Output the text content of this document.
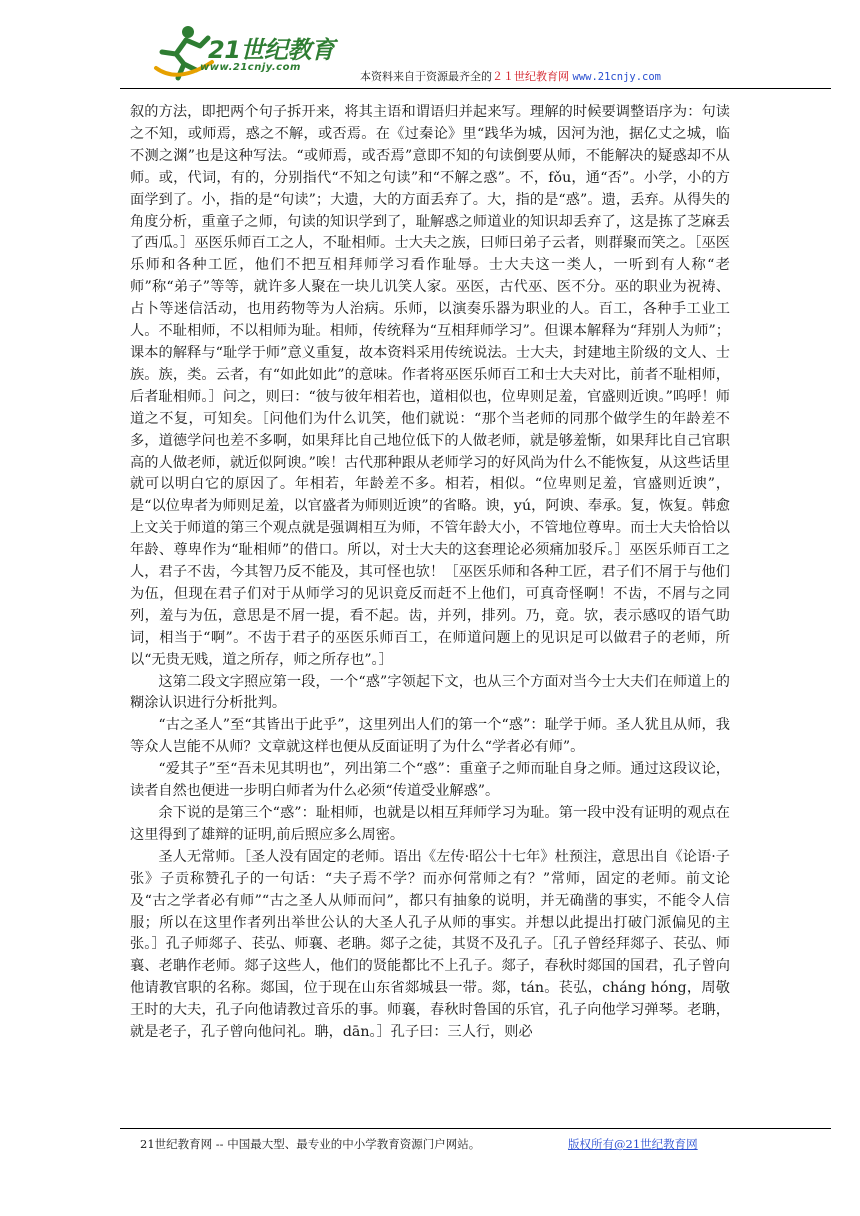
21世纪教育
www.21cnjy.com
本资料来自于资源最齐全的２１世纪教育网 www.21cnjy.com

叙的方法，即把两个句子拆开来，将其主语和谓语归并起来写。理解的时候要调整语序为：句读之不知，或师焉，惑之不解，或否焉。在《过秦论》里“践华为城，因河为池，据亿丈之城，临不测之渊”也是这种写法。“或师焉，或否焉”意即不知的句读倒要从师，不能解决的疑惑却不从师。或，代词，有的，分别指代“不知之句读”和“不解之惑”。不，fǒu，通“否”。小学，小的方面学到了。小，指的是“句读”；大遗，大的方面丢弃了。大，指的是“惑”。遗，丢弃。从得失的角度分析，重童子之师，句读的知识学到了，耻解惑之师道业的知识却丢弃了，这是拣了芝麻丢了西瓜。］巫医乐师百工之人，不耻相师。士大夫之族，曰师曰弟子云者，则群聚而笑之。［巫医乐师和各种工匠，他们不把互相拜师学习看作耻辱。士大夫这一类人，一听到有人称“老师”称“弟子”等等，就许多人聚在一块儿讥笑人家。巫医，古代巫、医不分。巫的职业为祝祷、占卜等迷信活动，也用药物等为人治病。乐师，以演奏乐器为职业的人。百工，各种手工业工人。不耻相师，不以相师为耻。相师，传统释为“互相拜师学习”。但课本解释为“拜别人为师”；课本的解释与“耻学于师”意义重复，故本资料采用传统说法。士大夫，封建地主阶级的文人、士族。族，类。云者，有“如此如此”的意味。作者将巫医乐师百工和士大夫对比，前者不耻相师，后者耻相师。］问之，则曰：“彼与彼年相若也，道相似也，位卑则足羞，官盛则近谀。”呜呼！师道之不复，可知矣。［问他们为什么讥笑，他们就说：“那个当老师的同那个做学生的年龄差不多，道德学问也差不多啊，如果拜比自己地位低下的人做老师，就是够羞惭，如果拜比自己官职高的人做老师，就近似阿谀。”唉！古代那种跟从老师学习的好风尚为什么不能恢复，从这些话里就可以明白它的原因了。年相若，年龄差不多。相若，相似。“位卑则足羞，官盛则近谀”，是“以位卑者为师则足羞，以官盛者为师则近谀”的省略。谀，yú，阿谀、奉承。复，恢复。韩愈上文关于师道的第三个观点就是强调相互为师，不管年龄大小，不管地位尊卑。而士大夫恰恰以年龄、尊卑作为“耻相师”的借口。所以，对士大夫的这套理论必须痛加驳斥。］巫医乐师百工之人，君子不齿，今其智乃反不能及，其可怪也欤！［巫医乐师和各种工匠，君子们不屑于与他们为伍，但现在君子们对于从师学习的见识竟反而赶不上他们，可真奇怪啊！不齿，不屑与之同列，羞与为伍，意思是不屑一提，看不起。齿，并列，排列。乃，竟。欤，表示感叹的语气助词，相当于“啊”。不齿于君子的巫医乐师百工，在师道问题上的见识足可以做君子的老师，所以“无贵无贱，道之所存，师之所存也”。］

这第二段文字照应第一段，一个“惑”字领起下文，也从三个方面对当今士大夫们在师道上的糊涂认识进行分析批判。

“古之圣人”至“其皆出于此乎”，这里列出人们的第一个“惑”：耻学于师。圣人犹且从师，我等众人岂能不从师？文章就这样也便从反面证明了为什么“学者必有师”。

“爱其子”至“吾未见其明也”，列出第二个“惑”：重童子之师而耻自身之师。通过这段议论，读者自然也便进一步明白师者为什么必须“传道受业解惑”。

余下说的是第三个“惑”：耻相师，也就是以相互拜师学习为耻。第一段中没有证明的观点在这里得到了雄辩的证明,前后照应多么周密。

圣人无常师。［圣人没有固定的老师。语出《左传·昭公十七年》杜预注，意思出自《论语·子张》子贡称赞孔子的一句话：“夫子焉不学？而亦何常师之有？”常师，固定的老师。前文论及“古之学者必有师”“古之圣人从师而问”，都只有抽象的说明，并无确凿的事实，不能令人信服；所以在这里作者列出举世公认的大圣人孔子从师的事实。并想以此提出打破门派偏见的主张。］孔子师郯子、苌弘、师襄、老聃。郯子之徒，其贤不及孔子。［孔子曾经拜郯子、苌弘、师襄、老聃作老师。郯子这些人，他们的贤能都比不上孔子。郯子，春秋时郯国的国君，孔子曾向他请教官职的名称。郯国，位于现在山东省郯城县一带。郯，tán。苌弘，cháng hóng，周敬王时的大夫，孔子向他请教过音乐的事。师襄，春秋时鲁国的乐官，孔子向他学习弹琴。老聃，就是老子，孔子曾向他问礼。聃，dān。］孔子曰：三人行，则必

21世纪教育网 -- 中国最大型、最专业的中小学教育资源门户网站。	版权所有@21世纪教育网
